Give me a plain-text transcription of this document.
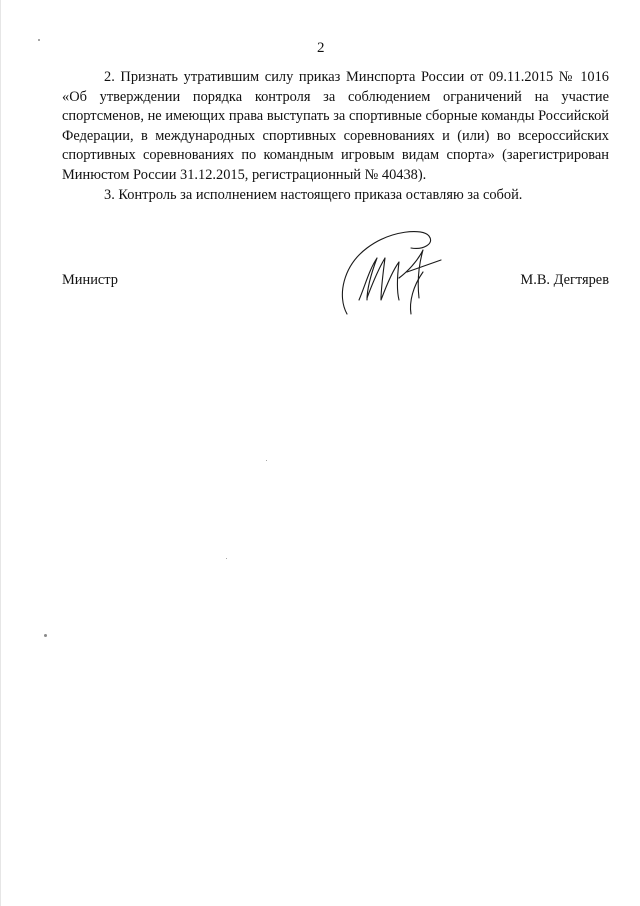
2

2. Признать утратившим силу приказ Минспорта России от 09.11.2015 № 1016 «Об утверждении порядка контроля за соблюдением ограничений на участие спортсменов, не имеющих права выступать за спортивные сборные команды Российской Федерации, в международных спортивных соревнованиях и (или) во всероссийских спортивных соревнованиях по командным игровым видам спорта» (зарегистрирован Минюстом России 31.12.2015, регистрационный № 40438).

3. Контроль за исполнением настоящего приказа оставляю за собой.

Министр	М.В. Дегтярев
